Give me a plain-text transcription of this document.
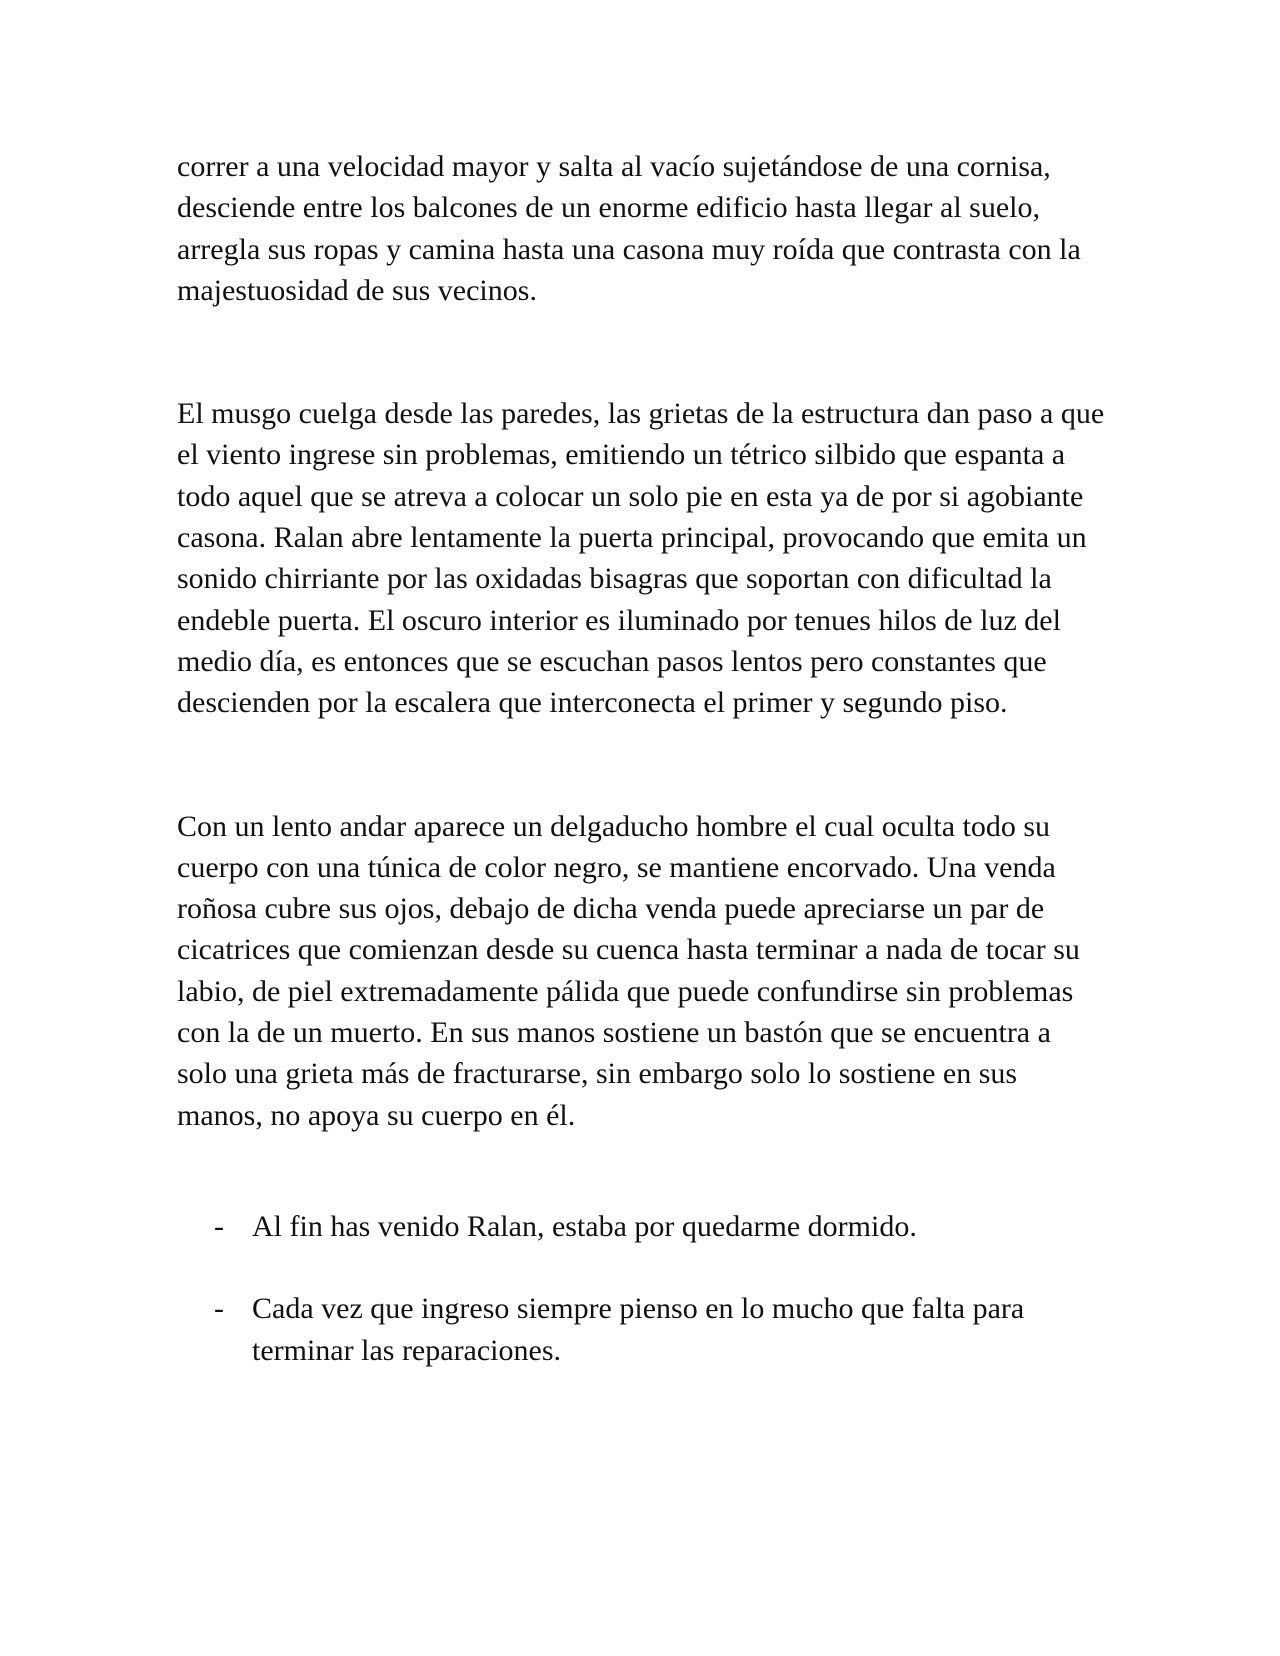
correr a una velocidad mayor y salta al vacío sujetándose de una cornisa, desciende entre los balcones de un enorme edificio hasta llegar al suelo, arregla sus ropas y camina hasta una casona muy roída que contrasta con la majestuosidad de sus vecinos.

El musgo cuelga desde las paredes, las grietas de la estructura dan paso a que el viento ingrese sin problemas, emitiendo un tétrico silbido que espanta a todo aquel que se atreva a colocar un solo pie en esta ya de por si agobiante casona. Ralan abre lentamente la puerta principal, provocando que emita un sonido chirriante por las oxidadas bisagras que soportan con dificultad la endeble puerta. El oscuro interior es iluminado por tenues hilos de luz del medio día, es entonces que se escuchan pasos lentos pero constantes que descienden por la escalera que interconecta el primer y segundo piso.

Con un lento andar aparece un delgaducho hombre el cual oculta todo su cuerpo con una túnica de color negro, se mantiene encorvado. Una venda roñosa cubre sus ojos, debajo de dicha venda puede apreciarse un par de cicatrices que comienzan desde su cuenca hasta terminar a nada de tocar su labio, de piel extremadamente pálida que puede confundirse sin problemas con la de un muerto. En sus manos sostiene un bastón que se encuentra a solo una grieta más de fracturarse, sin embargo solo lo sostiene en sus manos, no apoya su cuerpo en él.

- Al fin has venido Ralan, estaba por quedarme dormido.
- Cada vez que ingreso siempre pienso en lo mucho que falta para terminar las reparaciones.
